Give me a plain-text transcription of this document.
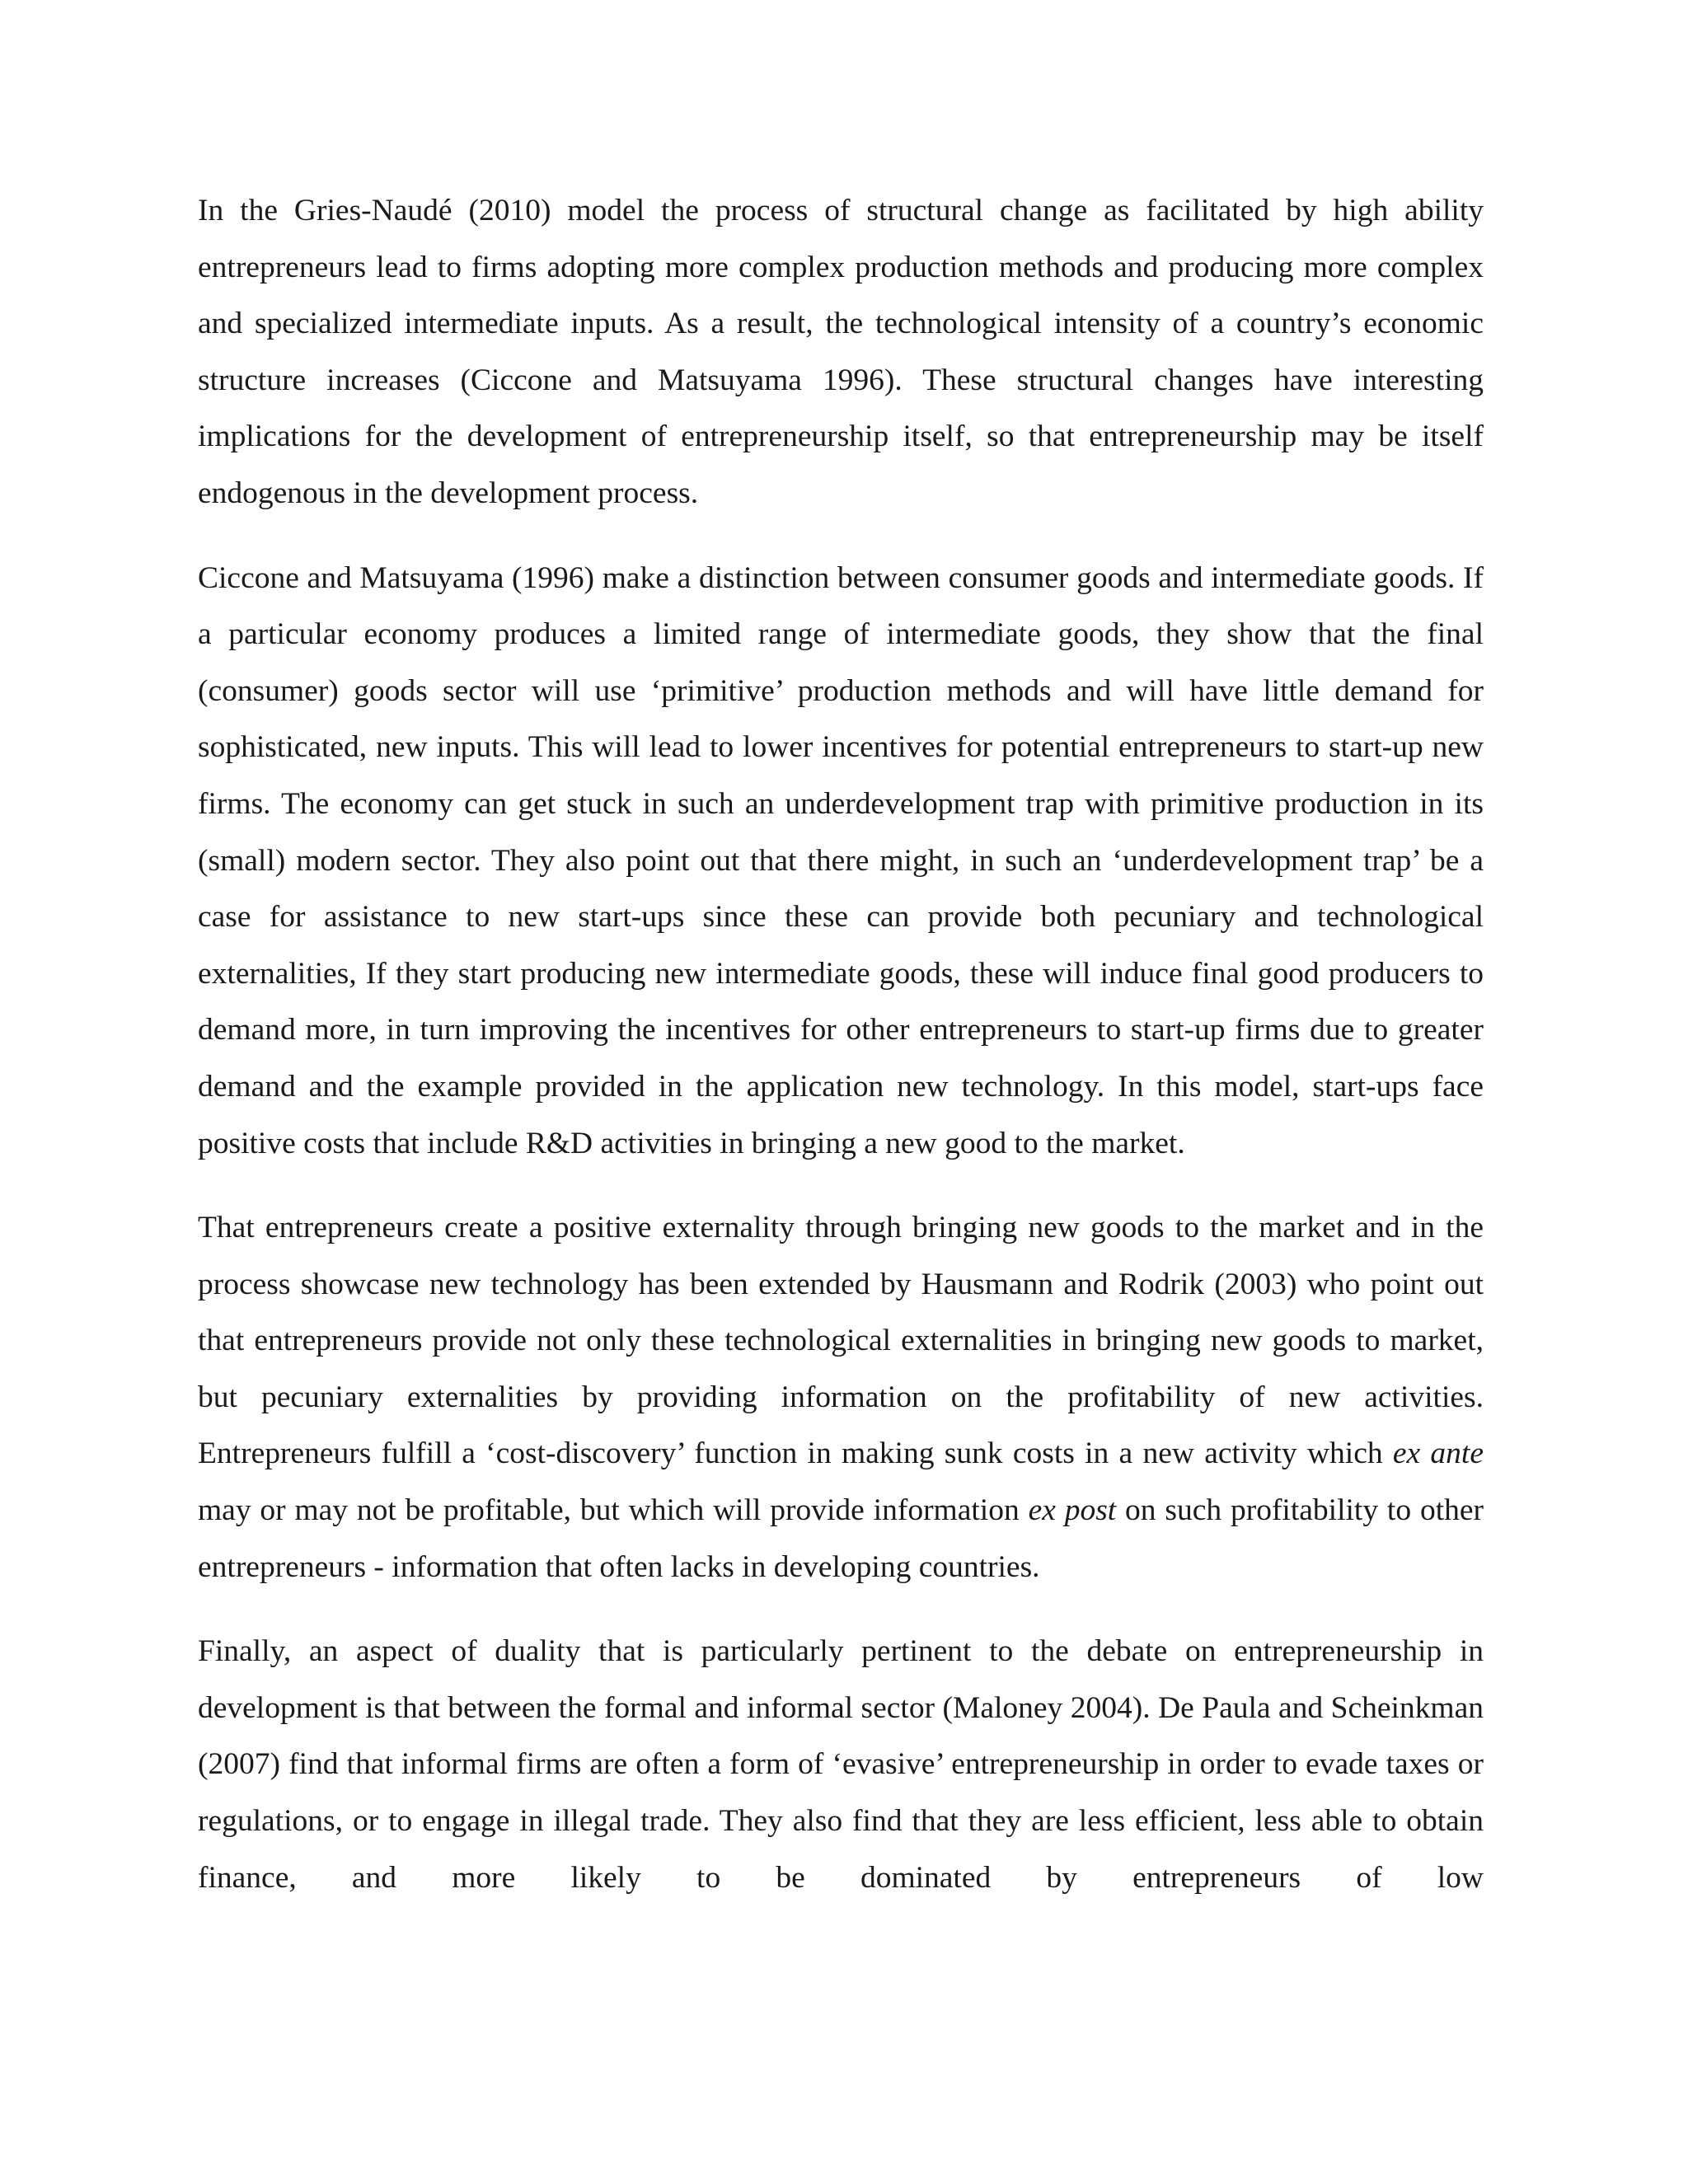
In the Gries-Naudé (2010) model the process of structural change as facilitated by high ability entrepreneurs lead to firms adopting more complex production methods and producing more complex and specialized intermediate inputs. As a result, the technological intensity of a country’s economic structure increases (Ciccone and Matsuyama 1996). These structural changes have interesting implications for the development of entrepreneurship itself, so that entrepreneurship may be itself endogenous in the development process.

Ciccone and Matsuyama (1996) make a distinction between consumer goods and intermediate goods. If a particular economy produces a limited range of intermediate goods, they show that the final (consumer) goods sector will use ‘primitive’ production methods and will have little demand for sophisticated, new inputs. This will lead to lower incentives for potential entrepreneurs to start-up new firms. The economy can get stuck in such an underdevelopment trap with primitive production in its (small) modern sector. They also point out that there might, in such an ‘underdevelopment trap’ be a case for assistance to new start-ups since these can provide both pecuniary and technological externalities, If they start producing new intermediate goods, these will induce final good producers to demand more, in turn improving the incentives for other entrepreneurs to start-up firms due to greater demand and the example provided in the application new technology. In this model, start-ups face positive costs that include R&D activities in bringing a new good to the market.

That entrepreneurs create a positive externality through bringing new goods to the market and in the process showcase new technology has been extended by Hausmann and Rodrik (2003) who point out that entrepreneurs provide not only these technological externalities in bringing new goods to market, but pecuniary externalities by providing information on the profitability of new activities. Entrepreneurs fulfill a ‘cost-discovery’ function in making sunk costs in a new activity which ex ante may or may not be profitable, but which will provide information ex post on such profitability to other entrepreneurs - information that often lacks in developing countries.

Finally, an aspect of duality that is particularly pertinent to the debate on entrepreneurship in development is that between the formal and informal sector (Maloney 2004). De Paula and Scheinkman (2007) find that informal firms are often a form of ‘evasive’ entrepreneurship in order to evade taxes or regulations, or to engage in illegal trade. They also find that they are less efficient, less able to obtain finance, and more likely to be dominated by entrepreneurs of low
